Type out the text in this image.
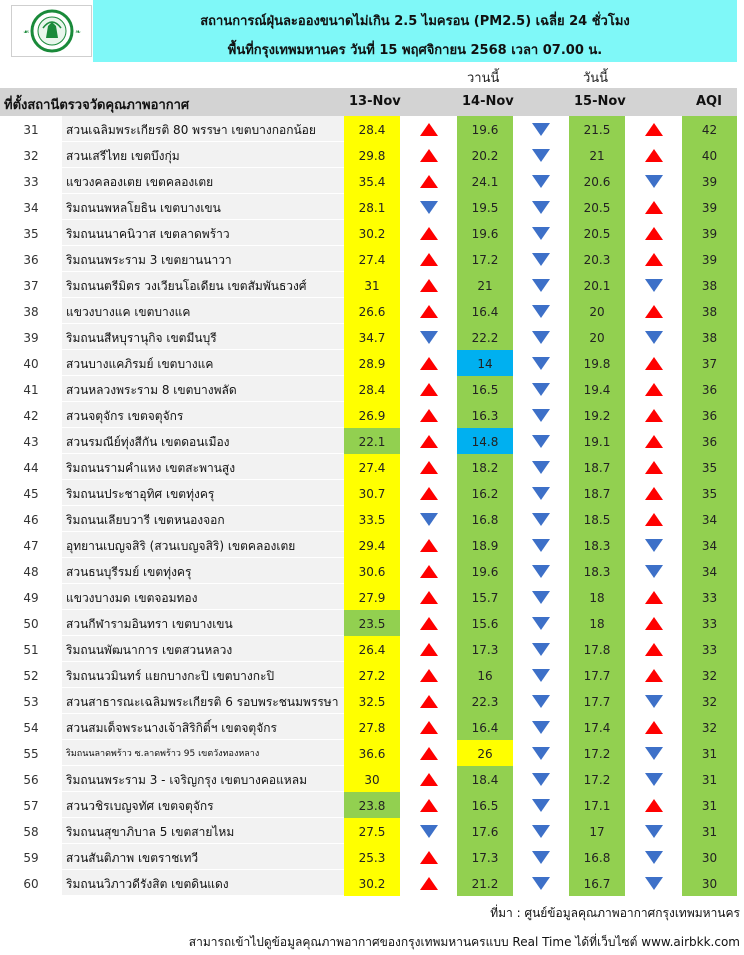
☙	❧
สถานการณ์ฝุ่นละอองขนาดไม่เกิน 2.5 ไมครอน (PM2.5) เฉลี่ย 24 ชั่วโมง
พื้นที่กรุงเทพมหานคร วันที่ 15 พฤศจิกายน 2568 เวลา 07.00 น.
วานนี้	วันนี้
ที่ตั้งสถานีตรวจวัดคุณภาพอากาศ	13-Nov	14-Nov	15-Nov	AQI
31	สวนเฉลิมพระเกียรติ 80 พรรษา เขตบางกอกน้อย	28.4	19.6	21.5	42
32	สวนเสรีไทย เขตบึงกุ่ม	29.8	20.2	21	40
33	แขวงคลองเตย เขตคลองเตย	35.4	24.1	20.6	39
34	ริมถนนพหลโยธิน เขตบางเขน	28.1	19.5	20.5	39
35	ริมถนนนาคนิวาส เขตลาดพร้าว	30.2	19.6	20.5	39
36	ริมถนนพระราม 3 เขตยานนาวา	27.4	17.2	20.3	39
37	ริมถนนตรีมิตร วงเวียนโอเดียน เขตสัมพันธวงศ์	31	21	20.1	38
38	แขวงบางแค เขตบางแค	26.6	16.4	20	38
39	ริมถนนสีหบุรานุกิจ เขตมีนบุรี	34.7	22.2	20	38
40	สวนบางแคภิรมย์ เขตบางแค	28.9	14	19.8	37
41	สวนหลวงพระราม 8 เขตบางพลัด	28.4	16.5	19.4	36
42	สวนจตุจักร เขตจตุจักร	26.9	16.3	19.2	36
43	สวนรมณีย์ทุ่งสีกัน เขตดอนเมือง	22.1	14.8	19.1	36
44	ริมถนนรามคำแหง เขตสะพานสูง	27.4	18.2	18.7	35
45	ริมถนนประชาอุทิศ เขตทุ่งครุ	30.7	16.2	18.7	35
46	ริมถนนเลียบวารี เขตหนองจอก	33.5	16.8	18.5	34
47	อุทยานเบญจสิริ (สวนเบญจสิริ) เขตคลองเตย	29.4	18.9	18.3	34
48	สวนธนบุรีรมย์ เขตทุ่งครุ	30.6	19.6	18.3	34
49	แขวงบางมด เขตจอมทอง	27.9	15.7	18	33
50	สวนกีฬารามอินทรา เขตบางเขน	23.5	15.6	18	33
51	ริมถนนพัฒนาการ เขตสวนหลวง	26.4	17.3	17.8	33
52	ริมถนนวมินทร์ แยกบางกะปิ เขตบางกะปิ	27.2	16	17.7	32
53	สวนสาธารณะเฉลิมพระเกียรติ 6 รอบพระชนมพรรษา	32.5	22.3	17.7	32
54	สวนสมเด็จพระนางเจ้าสิริกิติ์ฯ เขตจตุจักร	27.8	16.4	17.4	32
55	ริมถนนลาดพร้าว ซ.ลาดพร้าว 95 เขตวังทองหลาง	36.6	26	17.2	31
56	ริมถนนพระราม 3 - เจริญกรุง เขตบางคอแหลม	30	18.4	17.2	31
57	สวนวชิรเบญจทัศ เขตจตุจักร	23.8	16.5	17.1	31
58	ริมถนนสุขาภิบาล 5 เขตสายไหม	27.5	17.6	17	31
59	สวนสันติภาพ เขตราชเทวี	25.3	17.3	16.8	30
60	ริมถนนวิภาวดีรังสิต เขตดินแดง	30.2	21.2	16.7	30
ที่มา : ศูนย์ข้อมูลคุณภาพอากาศกรุงเทพมหานคร
สามารถเข้าไปดูข้อมูลคุณภาพอากาศของกรุงเทพมหานครแบบ Real Time ได้ที่เว็บไซต์ www.airbkk.com
